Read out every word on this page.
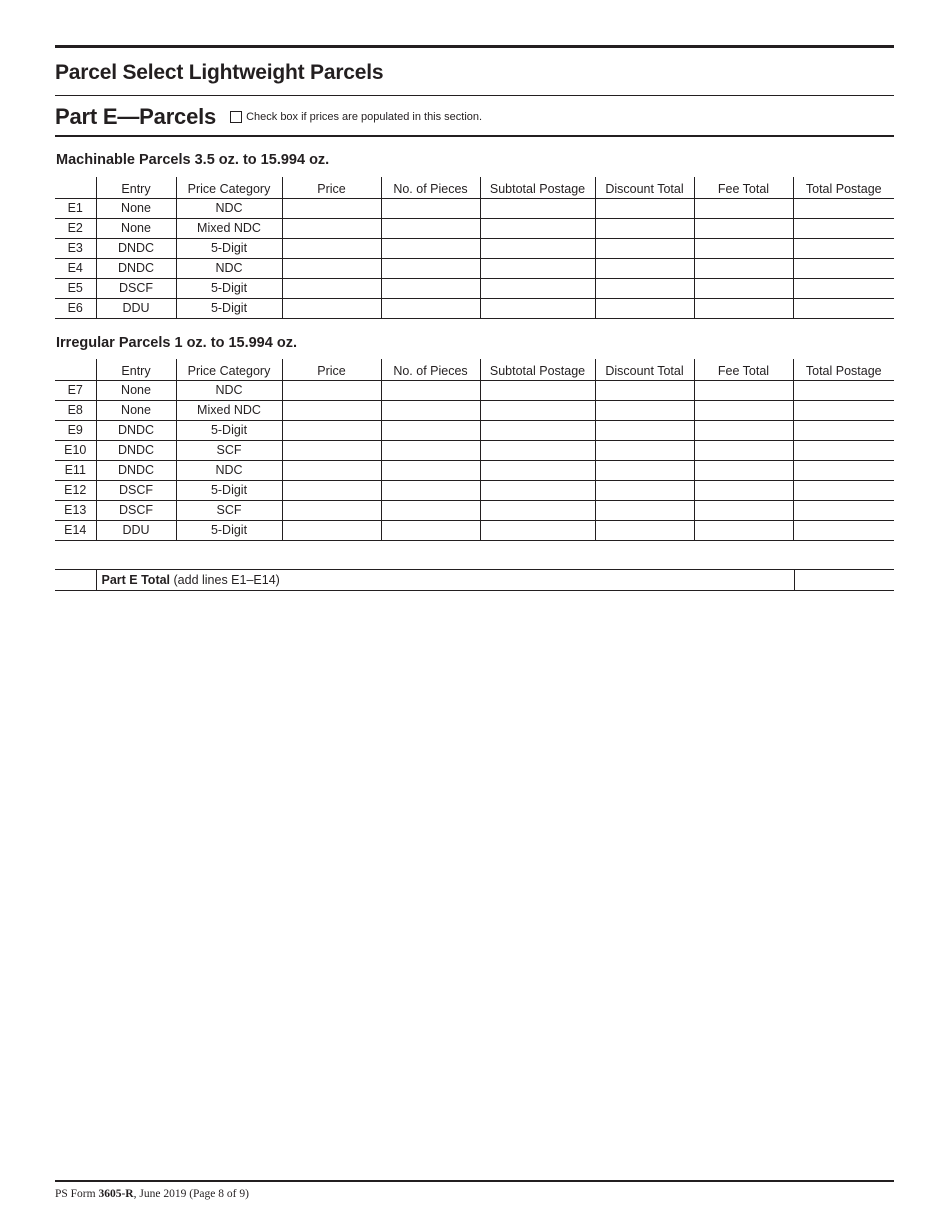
Parcel Select Lightweight Parcels
Part E—Parcels	Check box if prices are populated in this section.
Machinable Parcels 3.5 oz. to 15.994 oz.
	Entry	Price Category	Price	No. of Pieces	Subtotal Postage	Discount Total	Fee Total	Total Postage
E1	None	NDC						
E2	None	Mixed NDC						
E3	DNDC	5-Digit						
E4	DNDC	NDC						
E5	DSCF	5-Digit						
E6	DDU	5-Digit						
Irregular Parcels 1 oz. to 15.994 oz.
	Entry	Price Category	Price	No. of Pieces	Subtotal Postage	Discount Total	Fee Total	Total Postage
E7	None	NDC						
E8	None	Mixed NDC						
E9	DNDC	5-Digit						
E10	DNDC	SCF						
E11	DNDC	NDC						
E12	DSCF	5-Digit						
E13	DSCF	SCF						
E14	DDU	5-Digit						
	Part E Total (add lines E1–E14)	
PS Form 3605-R, June 2019 (Page 8 of 9)
